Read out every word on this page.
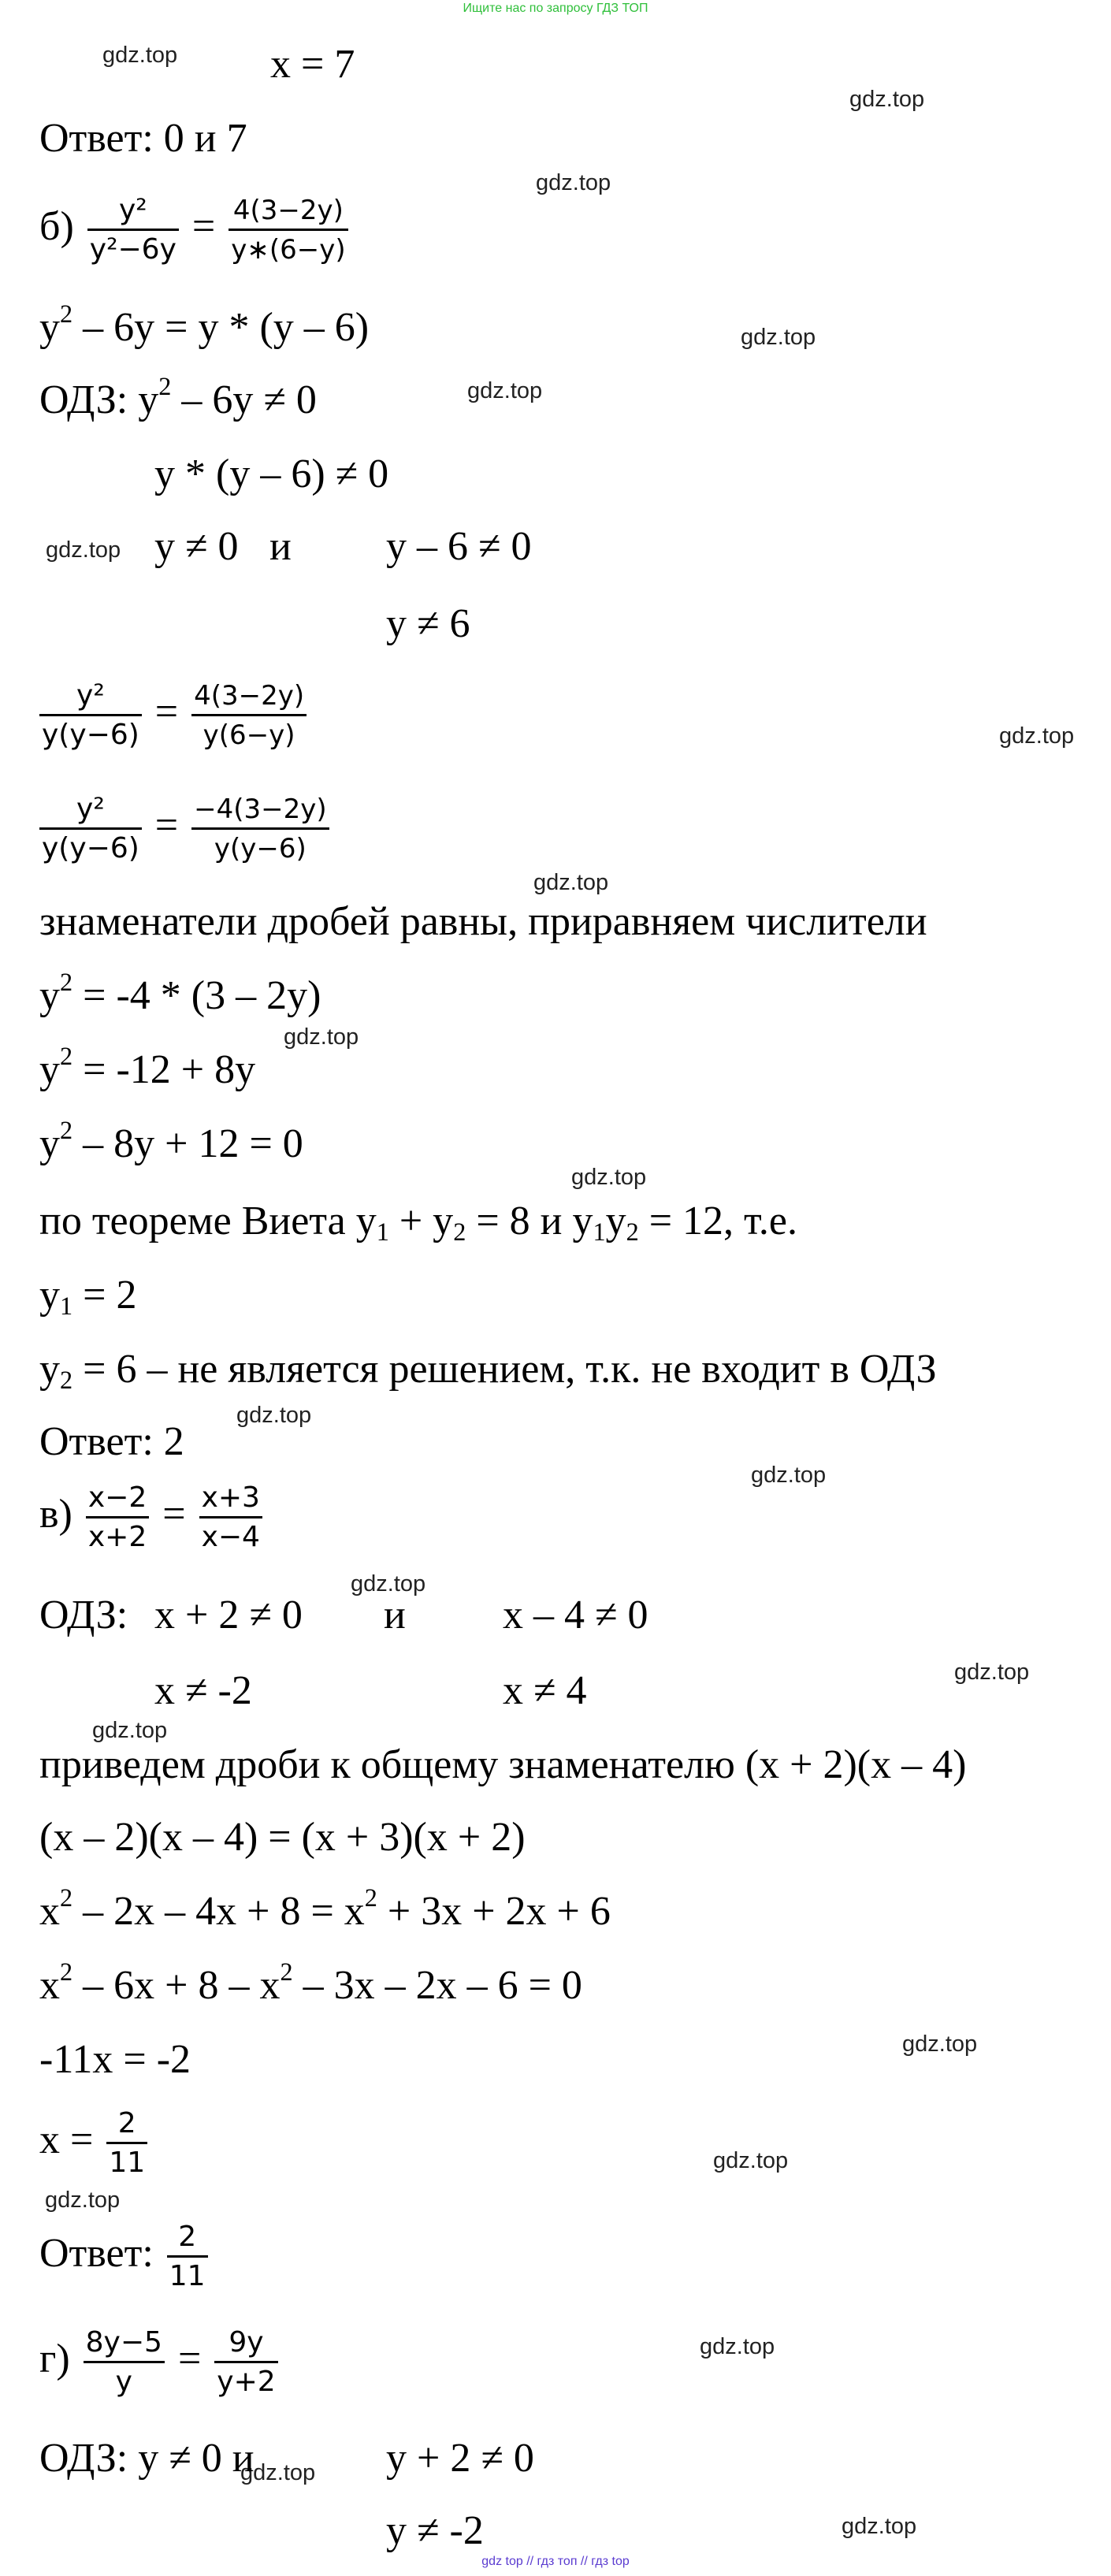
Ищите нас по запросу ГДЗ ТОП
gdz.top
gdz.top
gdz.top
gdz.top
gdz.top
gdz.top
gdz.top
gdz.top
gdz.top
gdz.top
gdz.top
gdz.top
gdz.top
gdz.top
gdz.top
gdz.top
gdz.top
gdz.top
gdz.top
gdz.top
gdz.top
x = 7
Ответ: 0 и 7
$б) \frac{\text{y²}}{\text{y²−6y}} = \frac{4(3-2y)}{y∗(6-y)}$
$y^2 - 6y = y * (y - 6)$
ОДЗ: $y^2 - 6y \ne 0$
y * (y – 6) ≠ 0
y ≠ 0 и y – 6 ≠ 0
y ≠ 6
$\frac{\text{y²}}{y(y-6)} = \frac{4(3-2y)}{y(6-y)}$
$\frac{\text{y²}}{y(y-6)} = \frac{-4(3-2y)}{y(y-6)}$
знаменатели дробей равны, приравняем числители
$y^2 = -4 * (3 - 2y)$
$y^2 = -12 + 8y$
$y^2 - 8y + 12 = 0$
по теореме Виета $y_1 + y_2 = 8$ и $y_1y_2 = 12$, т.е.
$y_1 = 2$
$y_2 = 6$ – не является решением, т.к. не входит в ОДЗ
Ответ: 2
$в) \frac{x-2}{x+2} = \frac{x+3}{x-4}$
ОДЗ: x + 2 ≠ 0 и x – 4 ≠ 0
x ≠ -2	x ≠ 4
приведем дроби к общему знаменателю (x + 2)(x – 4)
(x – 2)(x – 4) = (x + 3)(x + 2)
$x^2 - 2x - 4x + 8 = x^2 + 3x + 2x + 6$
$x^2 - 6x + 8 - x^2 - 3x - 2x - 6 = 0$
-11x = -2
$x = \frac{2}{11}$
Ответ: $\frac{2}{11}$
$г) \frac{8y-5}{y} = \frac{9y}{y+2}$
ОДЗ: y ≠ 0 и	y + 2 ≠ 0
y ≠ -2
gdz top // гдз топ // гдз top
